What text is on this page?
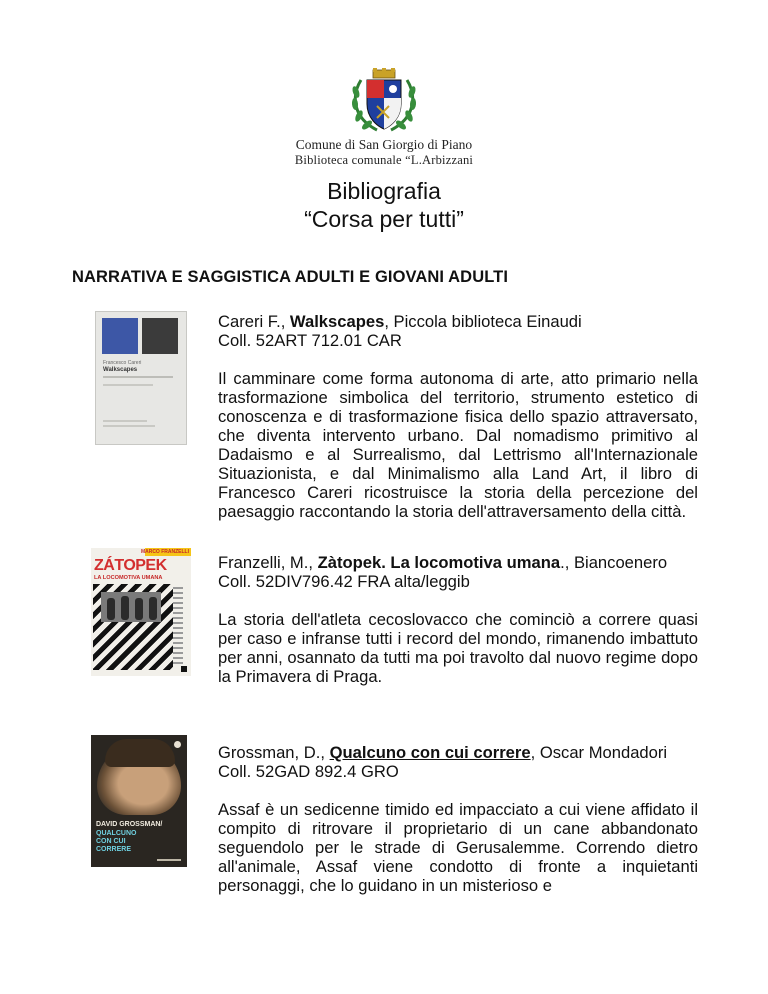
Comune di San Giorgio di Piano
Biblioteca comunale “L.Arbizzani
Bibliografia
“Corsa per tutti”
NARRATIVA E SAGGISTICA ADULTI E GIOVANI ADULTI
Francesco Careri
Walkscapes

Careri F., Walkscapes, Piccola biblioteca Einaudi

Coll. 52ART 712.01 CAR

Il camminare come forma autonoma di arte, atto primario nella trasformazione simbolica del territorio, strumento estetico di conoscenza e di trasformazione fisica dello spazio attraversato, che diventa intervento urbano. Dal nomadismo primitivo al Dadaismo e al Surrealismo, dal Lettrismo all'Internazionale Situazionista, e dal Minimalismo alla Land Art, il libro di Francesco Careri ricostruisce la storia della percezione del paesaggio raccontando la storia dell'attraversamento della città.

MARCO FRANZELLI
ZÁTOPEK
LA LOCOMOTIVA UMANA

Franzelli, M., Zàtopek. La locomotiva umana., Biancoenero

Coll. 52DIV796.42 FRA alta/leggib

La storia dell'atleta cecoslovacco che cominciò a correre quasi per caso e infranse tutti i record del mondo, rimanendo imbattuto per anni, osannato da tutti ma poi travolto dal nuovo regime dopo la Primavera di Praga.

DAVID GROSSMAN/
QUALCUNO
CON CUI
CORRERE

Grossman, D., Qualcuno con cui correre, Oscar Mondadori

Coll. 52GAD 892.4 GRO

Assaf è un sedicenne timido ed impacciato a cui viene affidato il compito di ritrovare il proprietario di un cane abbandonato seguendolo per le strade di Gerusalemme. Correndo dietro all'animale, Assaf viene condotto di fronte a inquietanti personaggi, che lo guidano in un misterioso e
